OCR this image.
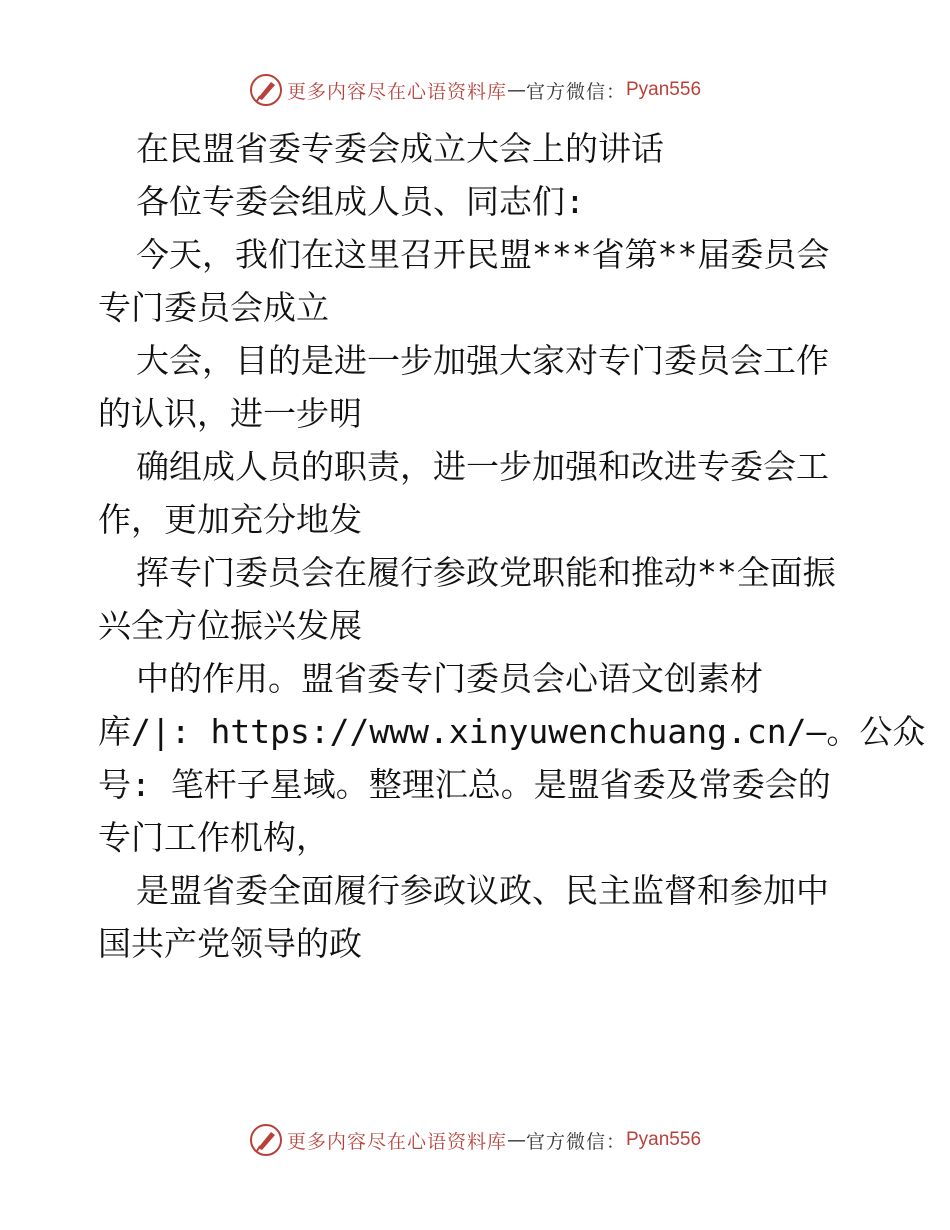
更多内容尽在心语资料库 — 官方微信： Pyan556
在民盟省委专委会成立大会上的讲话
各位专委会组成人员、同志们:
今天，我们在这里召开民盟***省第**届委员会
专门委员会成立
大会，目的是进一步加强大家对专门委员会工作
的认识，进一步明
确组成人员的职责，进一步加强和改进专委会工
作，更加充分地发
挥专门委员会在履行参政党职能和推动**全面振
兴全方位振兴发展
中的作用。盟省委专门委员会心语文创素材
库/|: https://www.xinyuwenchuang.cn/—。公众
号: 笔杆子星域。整理汇总。是盟省委及常委会的
专门工作机构，
是盟省委全面履行参政议政、民主监督和参加中
国共产党领导的政
更多内容尽在心语资料库 — 官方微信： Pyan556
